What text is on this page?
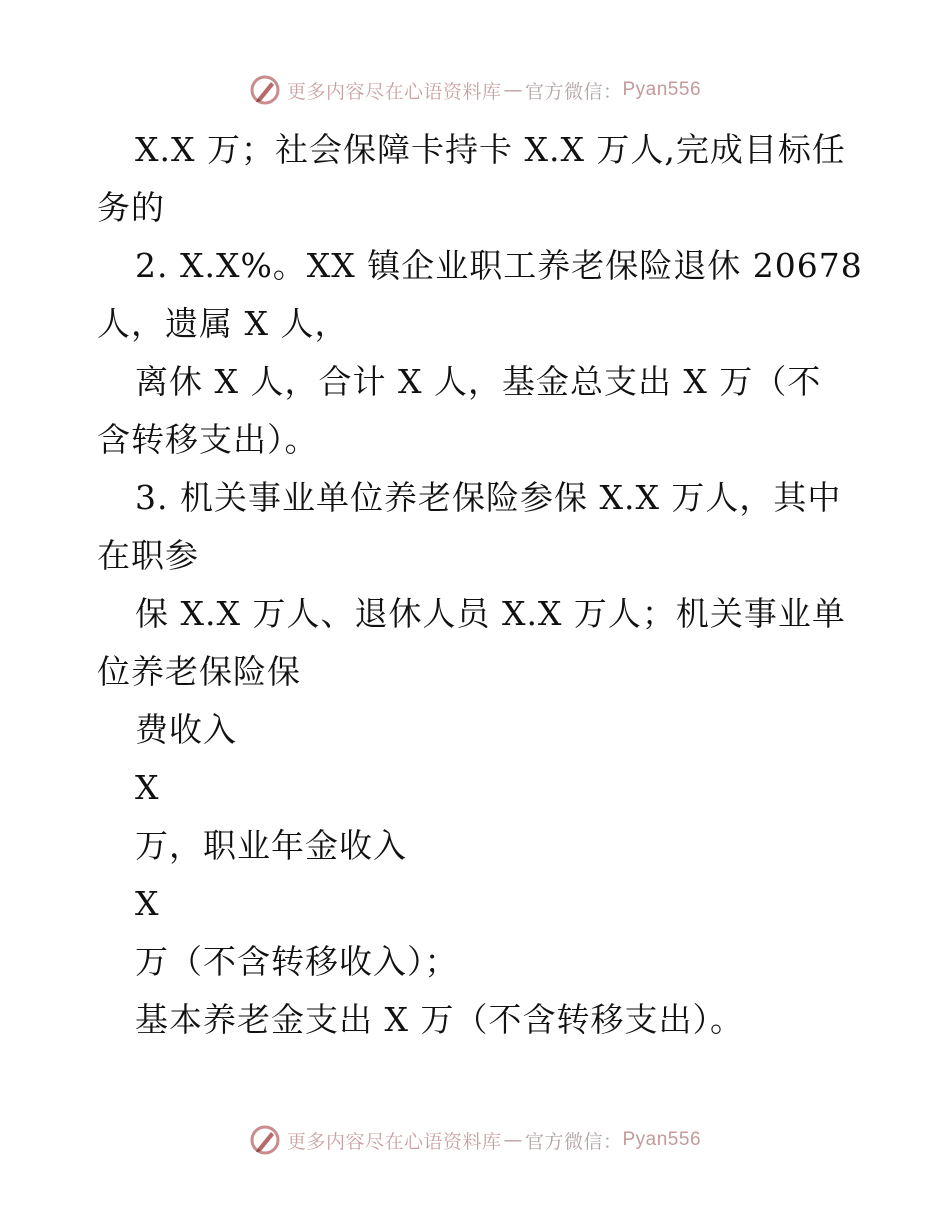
更多内容尽在心语资料库 — 官方微信： Pyan556
X.X 万；社会保障卡持卡 X.X 万人,完成目标任
务的
2. X.X%。XX 镇企业职工养老保险退休 20678
人，遗属 X 人，
离休 X 人，合计 X 人，基金总支出 X 万（不
含转移支出）。
3. 机关事业单位养老保险参保 X.X 万人，其中
在职参
保 X.X 万人、退休人员 X.X 万人；机关事业单
位养老保险保
费收入
X
万，职业年金收入
X
万（不含转移收入）；
基本养老金支出 X 万（不含转移支出）。
更多内容尽在心语资料库 — 官方微信： Pyan556
